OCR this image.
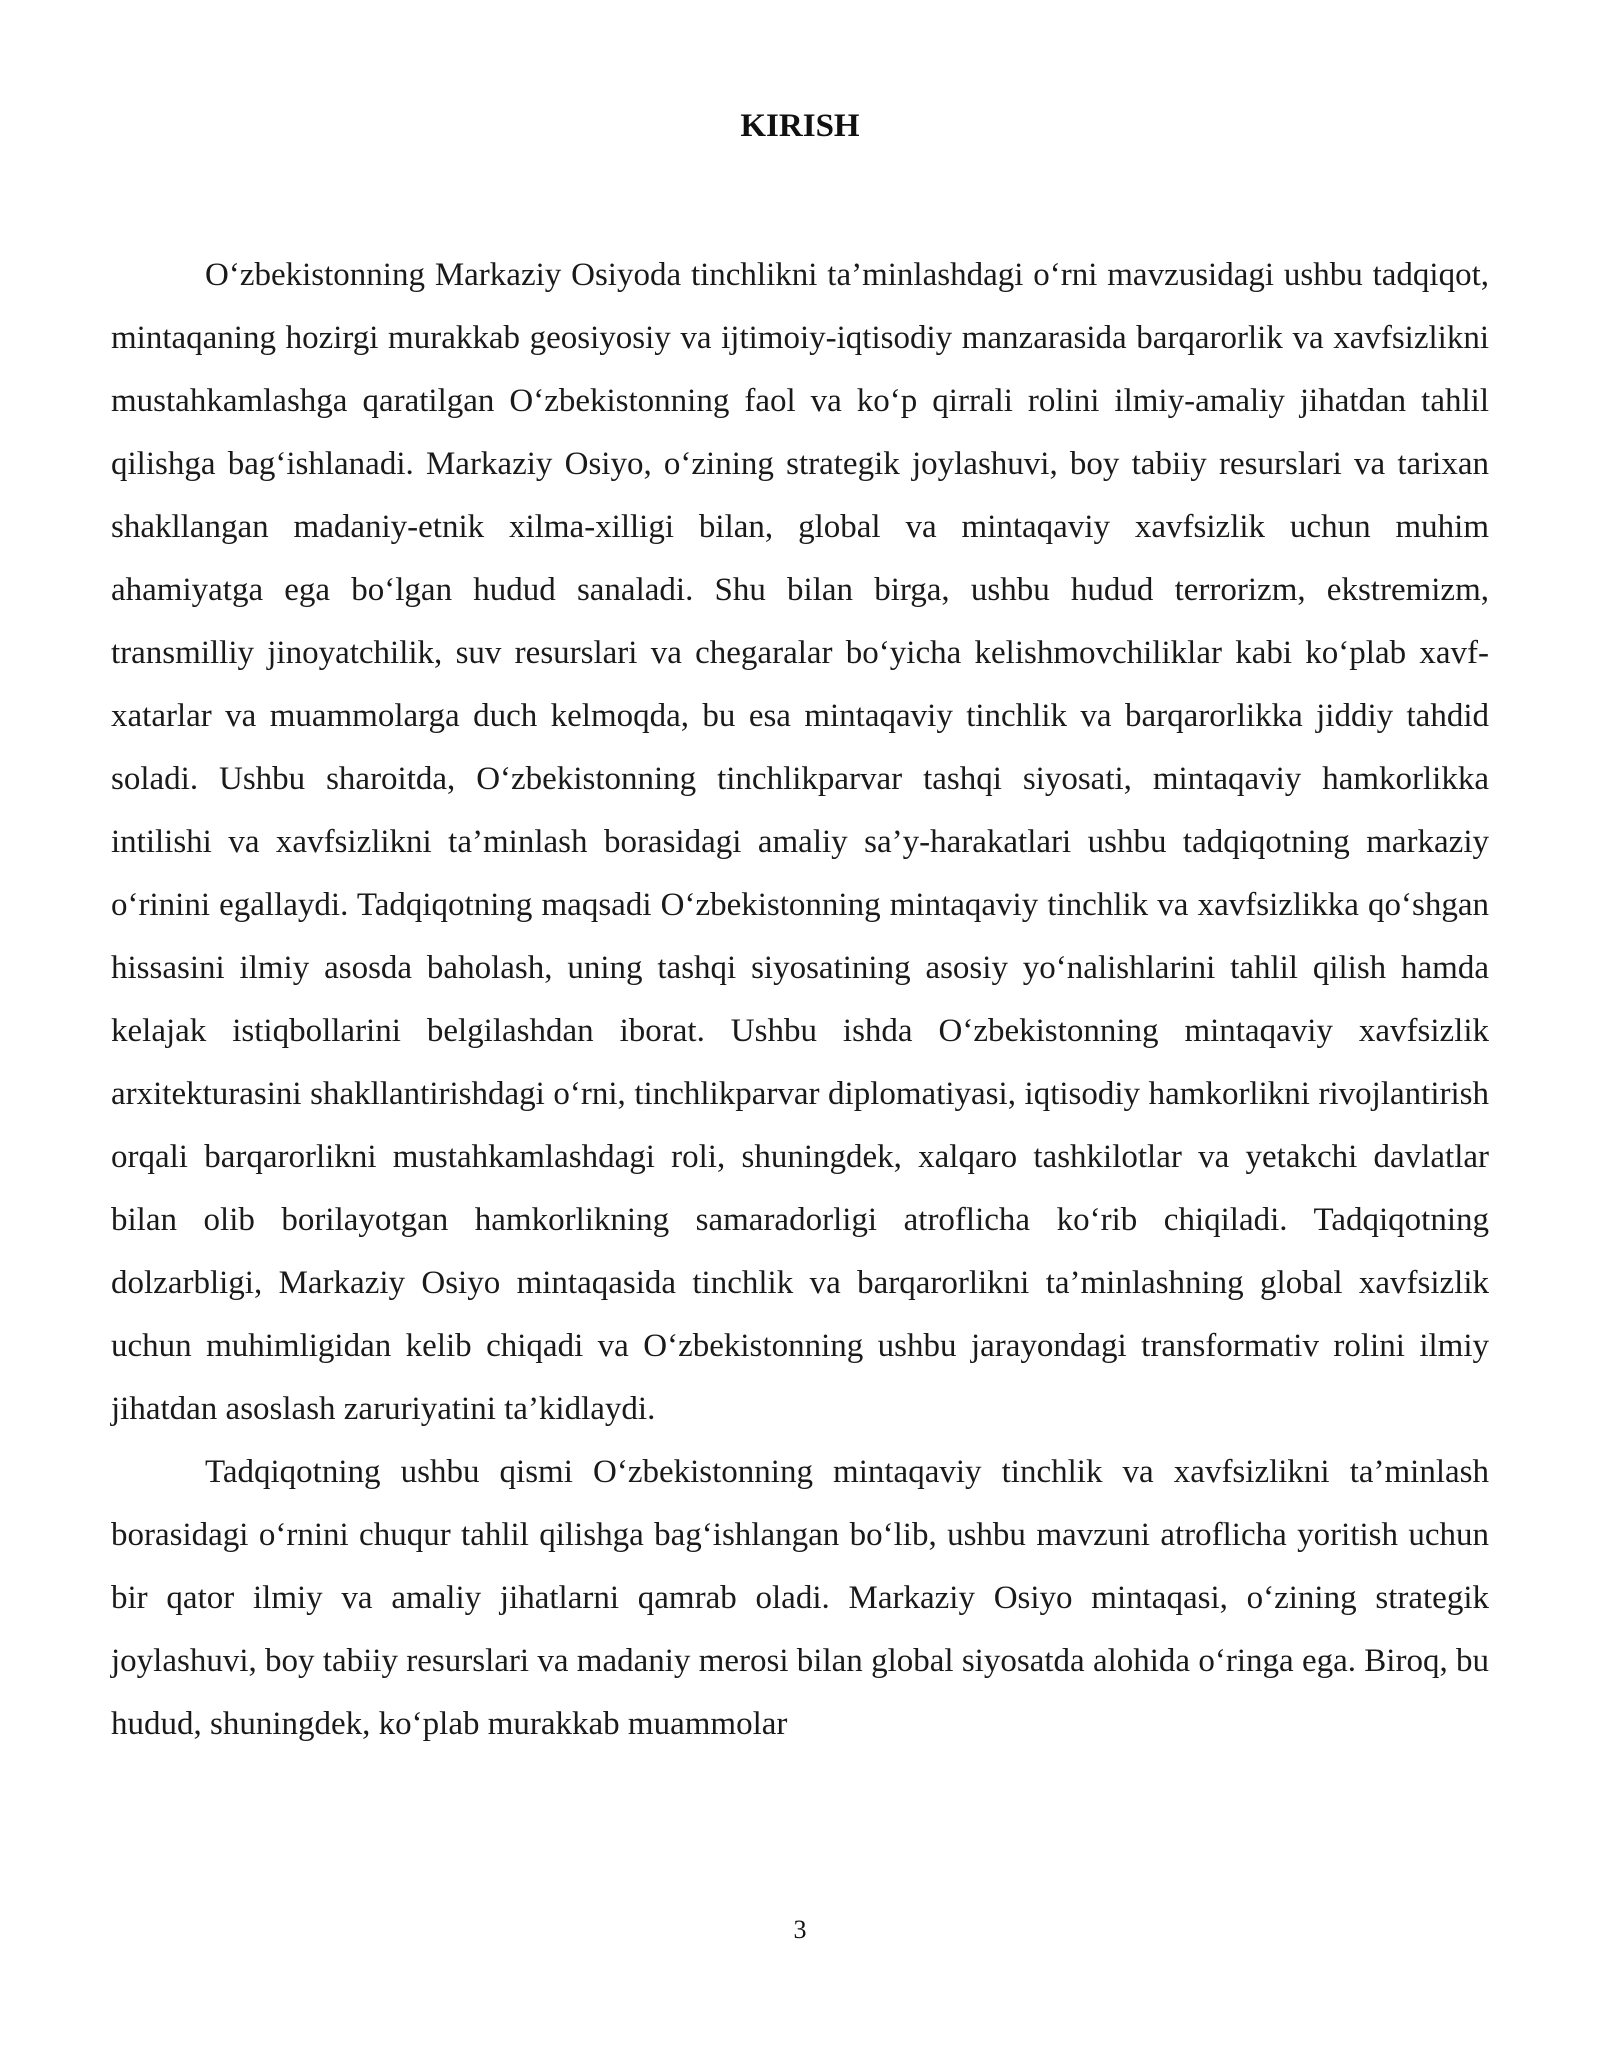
KIRISH

O‘zbekistonning Markaziy Osiyoda tinchlikni ta’minlashdagi o‘rni mavzusidagi ushbu tadqiqot, mintaqaning hozirgi murakkab geosiyosiy va ijtimoiy-iqtisodiy manzarasida barqarorlik va xavfsizlikni mustahkamlashga qaratilgan O‘zbekistonning faol va ko‘p qirrali rolini ilmiy-amaliy jihatdan tahlil qilishga bag‘ishlanadi. Markaziy Osiyo, o‘zining strategik joylashuvi, boy tabiiy resurslari va tarixan shakllangan madaniy-etnik xilma-xilligi bilan, global va mintaqaviy xavfsizlik uchun muhim ahamiyatga ega bo‘lgan hudud sanaladi. Shu bilan birga, ushbu hudud terrorizm, ekstremizm, transmilliy jinoyatchilik, suv resurslari va chegaralar bo‘yicha kelishmovchiliklar kabi ko‘plab xavf-xatarlar va muammolarga duch kelmoqda, bu esa mintaqaviy tinchlik va barqarorlikka jiddiy tahdid soladi. Ushbu sharoitda, O‘zbekistonning tinchlikparvar tashqi siyosati, mintaqaviy hamkorlikka intilishi va xavfsizlikni ta’minlash borasidagi amaliy sa’y-harakatlari ushbu tadqiqotning markaziy o‘rinini egallaydi. Tadqiqotning maqsadi O‘zbekistonning mintaqaviy tinchlik va xavfsizlikka qo‘shgan hissasini ilmiy asosda baholash, uning tashqi siyosatining asosiy yo‘nalishlarini tahlil qilish hamda kelajak istiqbollarini belgilashdan iborat. Ushbu ishda O‘zbekistonning mintaqaviy xavfsizlik arxitekturasini shakllantirishdagi o‘rni, tinchlikparvar diplomatiyasi, iqtisodiy hamkorlikni rivojlantirish orqali barqarorlikni mustahkamlashdagi roli, shuningdek, xalqaro tashkilotlar va yetakchi davlatlar bilan olib borilayotgan hamkorlikning samaradorligi atroflicha ko‘rib chiqiladi. Tadqiqotning dolzarbligi, Markaziy Osiyo mintaqasida tinchlik va barqarorlikni ta’minlashning global xavfsizlik uchun muhimligidan kelib chiqadi va O‘zbekistonning ushbu jarayondagi transformativ rolini ilmiy jihatdan asoslash zaruriyatini ta’kidlaydi.

Tadqiqotning ushbu qismi O‘zbekistonning mintaqaviy tinchlik va xavfsizlikni ta’minlash borasidagi o‘rnini chuqur tahlil qilishga bag‘ishlangan bo‘lib, ushbu mavzuni atroflicha yoritish uchun bir qator ilmiy va amaliy jihatlarni qamrab oladi. Markaziy Osiyo mintaqasi, o‘zining strategik joylashuvi, boy tabiiy resurslari va madaniy merosi bilan global siyosatda alohida o‘ringa ega. Biroq, bu hudud, shuningdek, ko‘plab murakkab muammolar

3
